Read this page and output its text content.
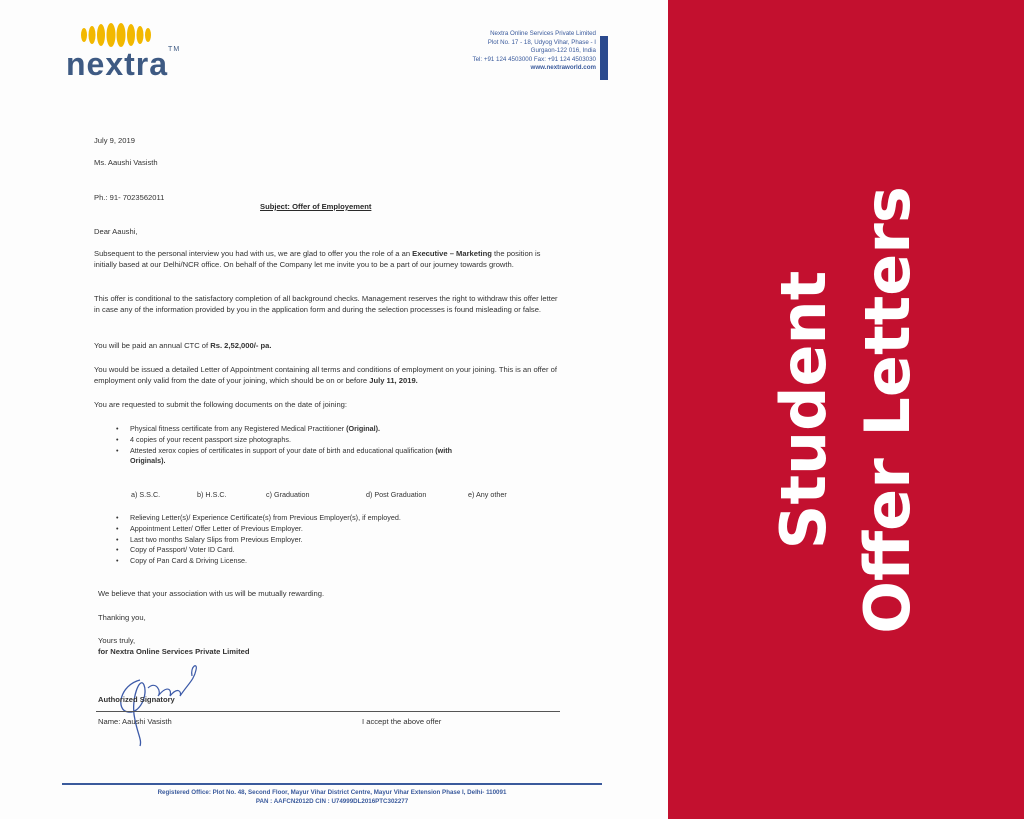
nextra™
Nextra Online Services Private Limited
Plot No. 17 - 18, Udyog Vihar, Phase - I
Gurgaon-122 016, India
Tel: +91 124 4503000 Fax: +91 124 4503030
www.nextraworld.com
July 9, 2019
Ms. Aaushi Vasisth
Ph.: 91- 7023562011
Subject: Offer of Employement
Dear Aaushi,
Subsequent to the personal interview you had with us, we are glad to offer you the role of a an Executive – Marketing the position is initially based at our Delhi/NCR office. On behalf of the Company let me invite you to be a part of our journey towards growth.
This offer is conditional to the satisfactory completion of all background checks. Management reserves the right to withdraw this offer letter in case any of the information provided by you in the application form and during the selection processes is found misleading or false.
You will be paid an annual CTC of Rs. 2,52,000/- pa.
You would be issued a detailed Letter of Appointment containing all terms and conditions of employment on your joining. This is an offer of employment only valid from the date of your joining, which should be on or before July 11, 2019.
You are requested to submit the following documents on the date of joining:
• Physical fitness certificate from any Registered Medical Practitioner (Original).
• 4 copies of your recent passport size photographs.
• Attested xerox copies of certificates in support of your date of birth and educational qualification (with Originals).
a) S.S.C.	b) H.S.C.	c) Graduation	d) Post Graduation	e) Any other
• Relieving Letter(s)/ Experience Certificate(s) from Previous Employer(s), if employed.
• Appointment Letter/ Offer Letter of Previous Employer.
• Last two months Salary Slips from Previous Employer.
• Copy of Passport/ Voter ID Card.
• Copy of Pan Card & Driving License.
We believe that your association with us will be mutually rewarding.
Thanking you,
Yours truly,
for Nextra Online Services Private Limited
Authorized Signatory
Name: Aaushi Vasisth	I accept the above offer
Registered Office: Plot No. 48, Second Floor, Mayur Vihar District Centre, Mayur Vihar Extension Phase I, Delhi- 110091
PAN : AAFCN2012D CIN : U74999DL2016PTC302277
Student Offer Letters
